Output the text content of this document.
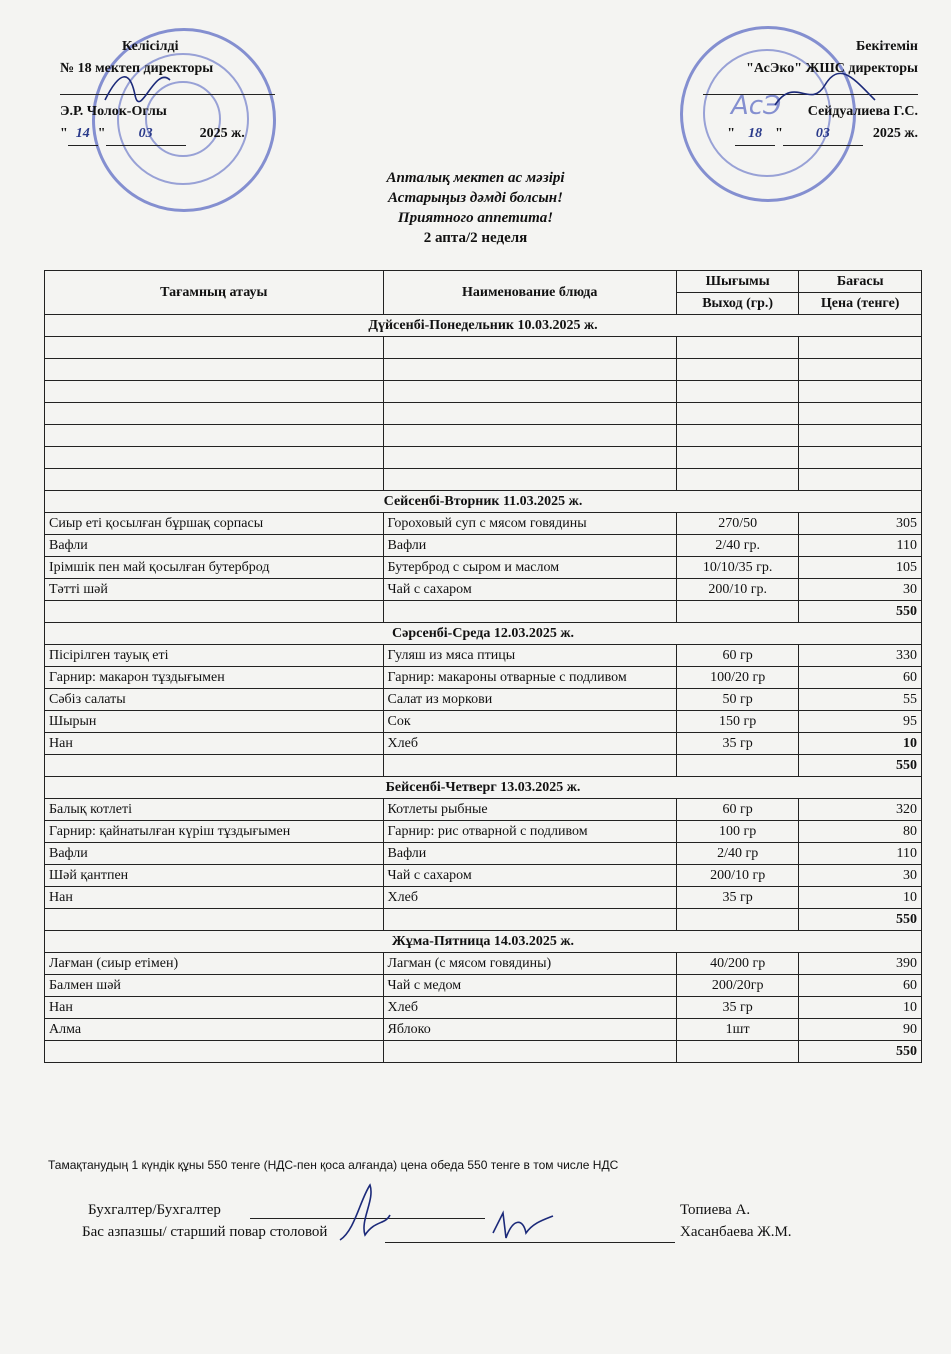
АсЭ
Келісілді
№ 18 мектеп директоры
Э.Р. Чолок-Оглы
" 14 " 03	2025 ж.
Бекітемін
"АсЭко" ЖШС директоры
Сейдуалиева Г.С.
" 18 " 03	2025 ж.
Апталық мектеп ас мәзірі
Астарыңыз дәмді болсын!
Приятного аппетита!
2 апта/2 неделя
Тағамның атауы	Наименование блюда	Шығымы	Бағасы
		Выход (гр.)	Цена (тенге)
Дүйсенбі-Понедельник 10.03.2025 ж.			

Сейсенбі-Вторник 11.03.2025 ж.			
Сиыр еті қосылған бұршақ сорпасы	Гороховый суп с мясом говядины	270/50	305
Вафли	Вафли	2/40 гр.	110
Ірімшік пен май қосылған бутерброд	Бутерброд с сыром и маслом	10/10/35 гр.	105
Тәтті шәй	Чай с сахаром	200/10 гр.	30
			550
Сәрсенбі-Среда 12.03.2025 ж.			
Пісірілген тауық еті	Гуляш из мяса птицы	60 гр	330
Гарнир: макарон тұздығымен	Гарнир: макароны отварные с подливом	100/20 гр	60
Сәбіз салаты	Салат из моркови	50 гр	55
Шырын	Сок	150 гр	95
Нан	Хлеб	35 гр	10
			550
Бейсенбі-Четверг 13.03.2025 ж.			
Балық котлеті	Котлеты рыбные	60 гр	320
Гарнир: қайнатылған күріш тұздығымен	Гарнир: рис отварной с подливом	100 гр	80
Вафли	Вафли	2/40 гр	110
Шәй қантпен	Чай с сахаром	200/10 гр	30
Нан	Хлеб	35 гр	10
			550
Жұма-Пятница 14.03.2025 ж.			
Лағман (сиыр етімен)	Лагман (с мясом говядины)	40/200 гр	390
Балмен шәй	Чай с медом	200/20гр	60
Нан	Хлеб	35 гр	10
Алма	Яблоко	1шт	90
			550
Тамақтанудың 1 күндік құны 550 тенге (НДС-пен қоса алғанда) цена обеда 550 тенге в том числе НДС
Бухгалтер/Бухгалтер	Топиева А.
Бас азпазшы/ старший повар столовой	Хасанбаева Ж.М.
